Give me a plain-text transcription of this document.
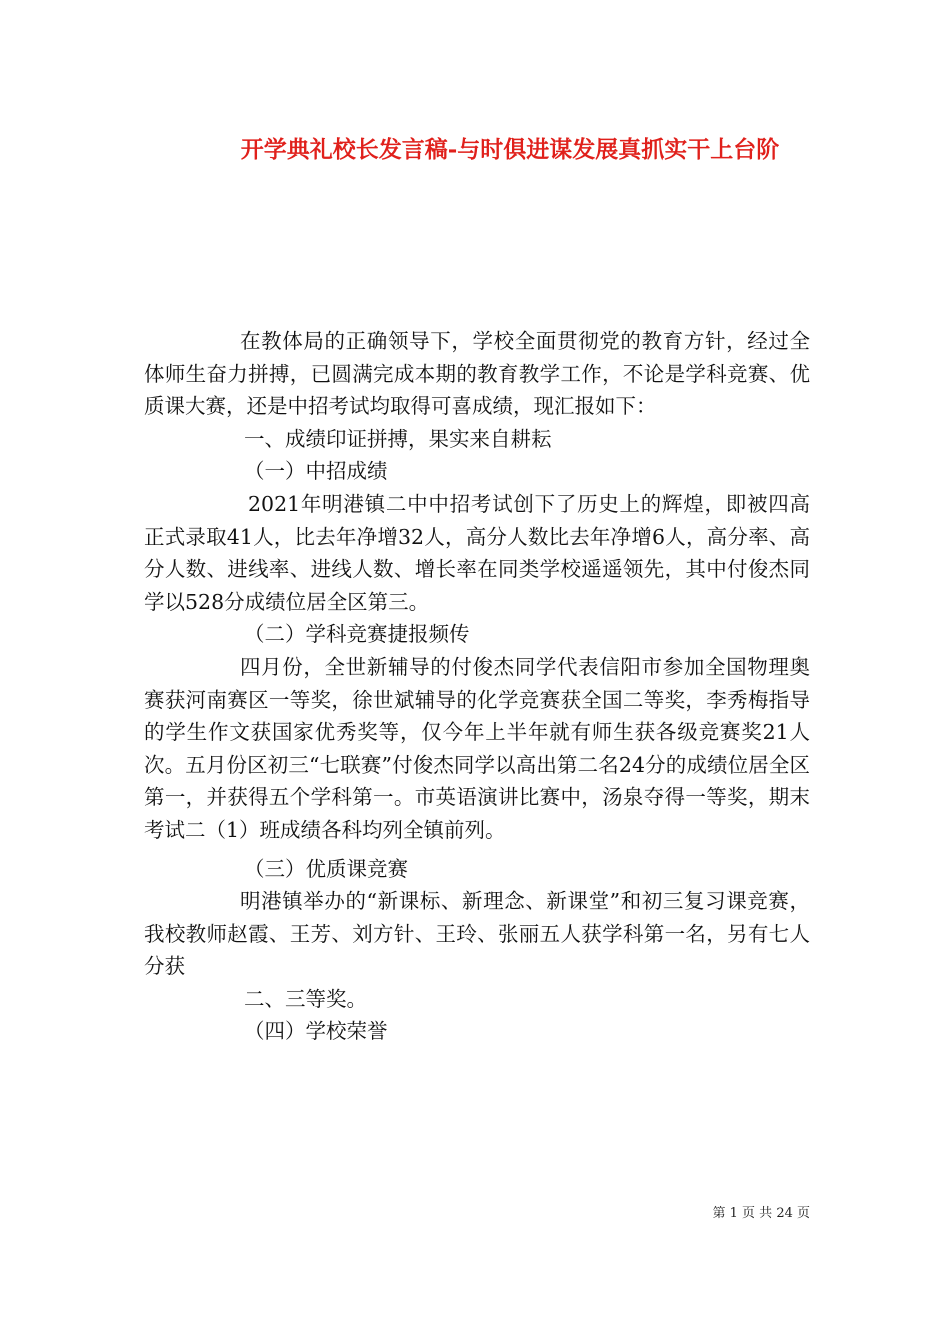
开学典礼校长发言稿-与时俱进谋发展真抓实干上台阶

在教体局的正确领导下，学校全面贯彻党的教育方针，经过全体师生奋力拼搏，已圆满完成本期的教育教学工作，不论是学科竞赛、优质课大赛，还是中招考试均取得可喜成绩，现汇报如下：

一、成绩印证拼搏，果实来自耕耘

（一）中招成绩

2021年明港镇二中中招考试创下了历史上的辉煌，即被四高正式录取41人，比去年净增32人，高分人数比去年净增6人，高分率、高分人数、进线率、进线人数、增长率在同类学校遥遥领先，其中付俊杰同学以528分成绩位居全区第三。

（二）学科竞赛捷报频传

四月份，全世新辅导的付俊杰同学代表信阳市参加全国物理奥赛获河南赛区一等奖，徐世斌辅导的化学竞赛获全国二等奖，李秀梅指导的学生作文获国家优秀奖等，仅今年上半年就有师生获各级竞赛奖21人次。五月份区初三“七联赛”付俊杰同学以高出第二名24分的成绩位居全区第一，并获得五个学科第一。市英语演讲比赛中，汤泉夺得一等奖，期末考试二（1）班成绩各科均列全镇前列。

（三）优质课竞赛

明港镇举办的“新课标、新理念、新课堂”和初三复习课竞赛，我校教师赵霞、王芳、刘方针、王玲、张丽五人获学科第一名，另有七人分获

二、三等奖。

（四）学校荣誉

第 1 页 共 24 页
